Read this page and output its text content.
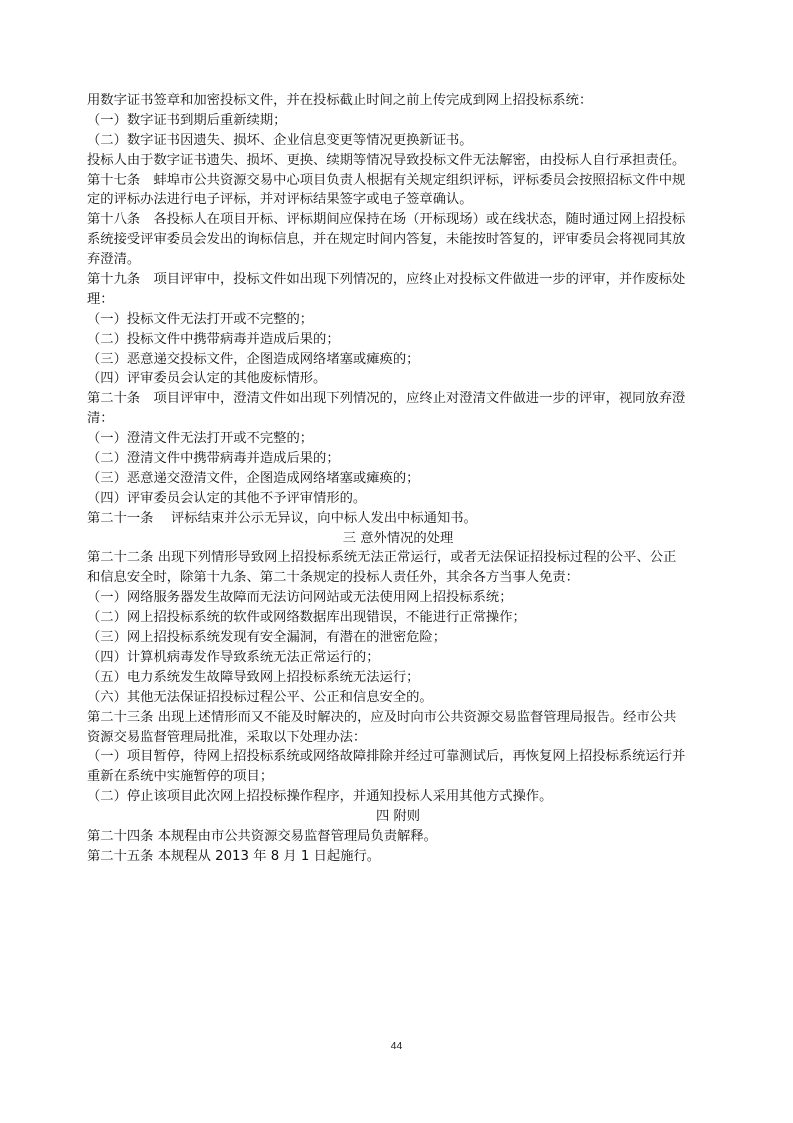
用数字证书签章和加密投标文件，并在投标截止时间之前上传完成到网上招投标系统：
（一）数字证书到期后重新续期；
（二）数字证书因遗失、损坏、企业信息变更等情况更换新证书。
投标人由于数字证书遗失、损坏、更换、续期等情况导致投标文件无法解密，由投标人自行承担责任。
第十七条　蚌埠市公共资源交易中心项目负责人根据有关规定组织评标，评标委员会按照招标文件中规
定的评标办法进行电子评标，并对评标结果签字或电子签章确认。
第十八条　各投标人在项目开标、评标期间应保持在场（开标现场）或在线状态，随时通过网上招投标
系统接受评审委员会发出的询标信息，并在规定时间内答复，未能按时答复的，评审委员会将视同其放
弃澄清。
第十九条　项目评审中，投标文件如出现下列情况的，应终止对投标文件做进一步的评审，并作废标处
理：
（一）投标文件无法打开或不完整的；
（二）投标文件中携带病毒并造成后果的；
（三）恶意递交投标文件，企图造成网络堵塞或瘫痪的；
（四）评审委员会认定的其他废标情形。
第二十条　项目评审中，澄清文件如出现下列情况的，应终止对澄清文件做进一步的评审，视同放弃澄
清：
（一）澄清文件无法打开或不完整的；
（二）澄清文件中携带病毒并造成后果的；
（三）恶意递交澄清文件，企图造成网络堵塞或瘫痪的；
（四）评审委员会认定的其他不予评审情形的。
第二十一条　 评标结束并公示无异议，向中标人发出中标通知书。
三 意外情况的处理
第二十二条 出现下列情形导致网上招投标系统无法正常运行，或者无法保证招投标过程的公平、公正
和信息安全时，除第十九条、第二十条规定的投标人责任外，其余各方当事人免责：
（一）网络服务器发生故障而无法访问网站或无法使用网上招投标系统；
（二）网上招投标系统的软件或网络数据库出现错误，不能进行正常操作；
（三）网上招投标系统发现有安全漏洞，有潜在的泄密危险；
（四）计算机病毒发作导致系统无法正常运行的；
（五）电力系统发生故障导致网上招投标系统无法运行；
（六）其他无法保证招投标过程公平、公正和信息安全的。
第二十三条 出现上述情形而又不能及时解决的，应及时向市公共资源交易监督管理局报告。经市公共
资源交易监督管理局批准，采取以下处理办法：
（一）项目暂停，待网上招投标系统或网络故障排除并经过可靠测试后，再恢复网上招投标系统运行并
重新在系统中实施暂停的项目；
（二）停止该项目此次网上招投标操作程序，并通知投标人采用其他方式操作。
四 附则
第二十四条 本规程由市公共资源交易监督管理局负责解释。
第二十五条 本规程从 2013 年 8 月 1 日起施行。
44
